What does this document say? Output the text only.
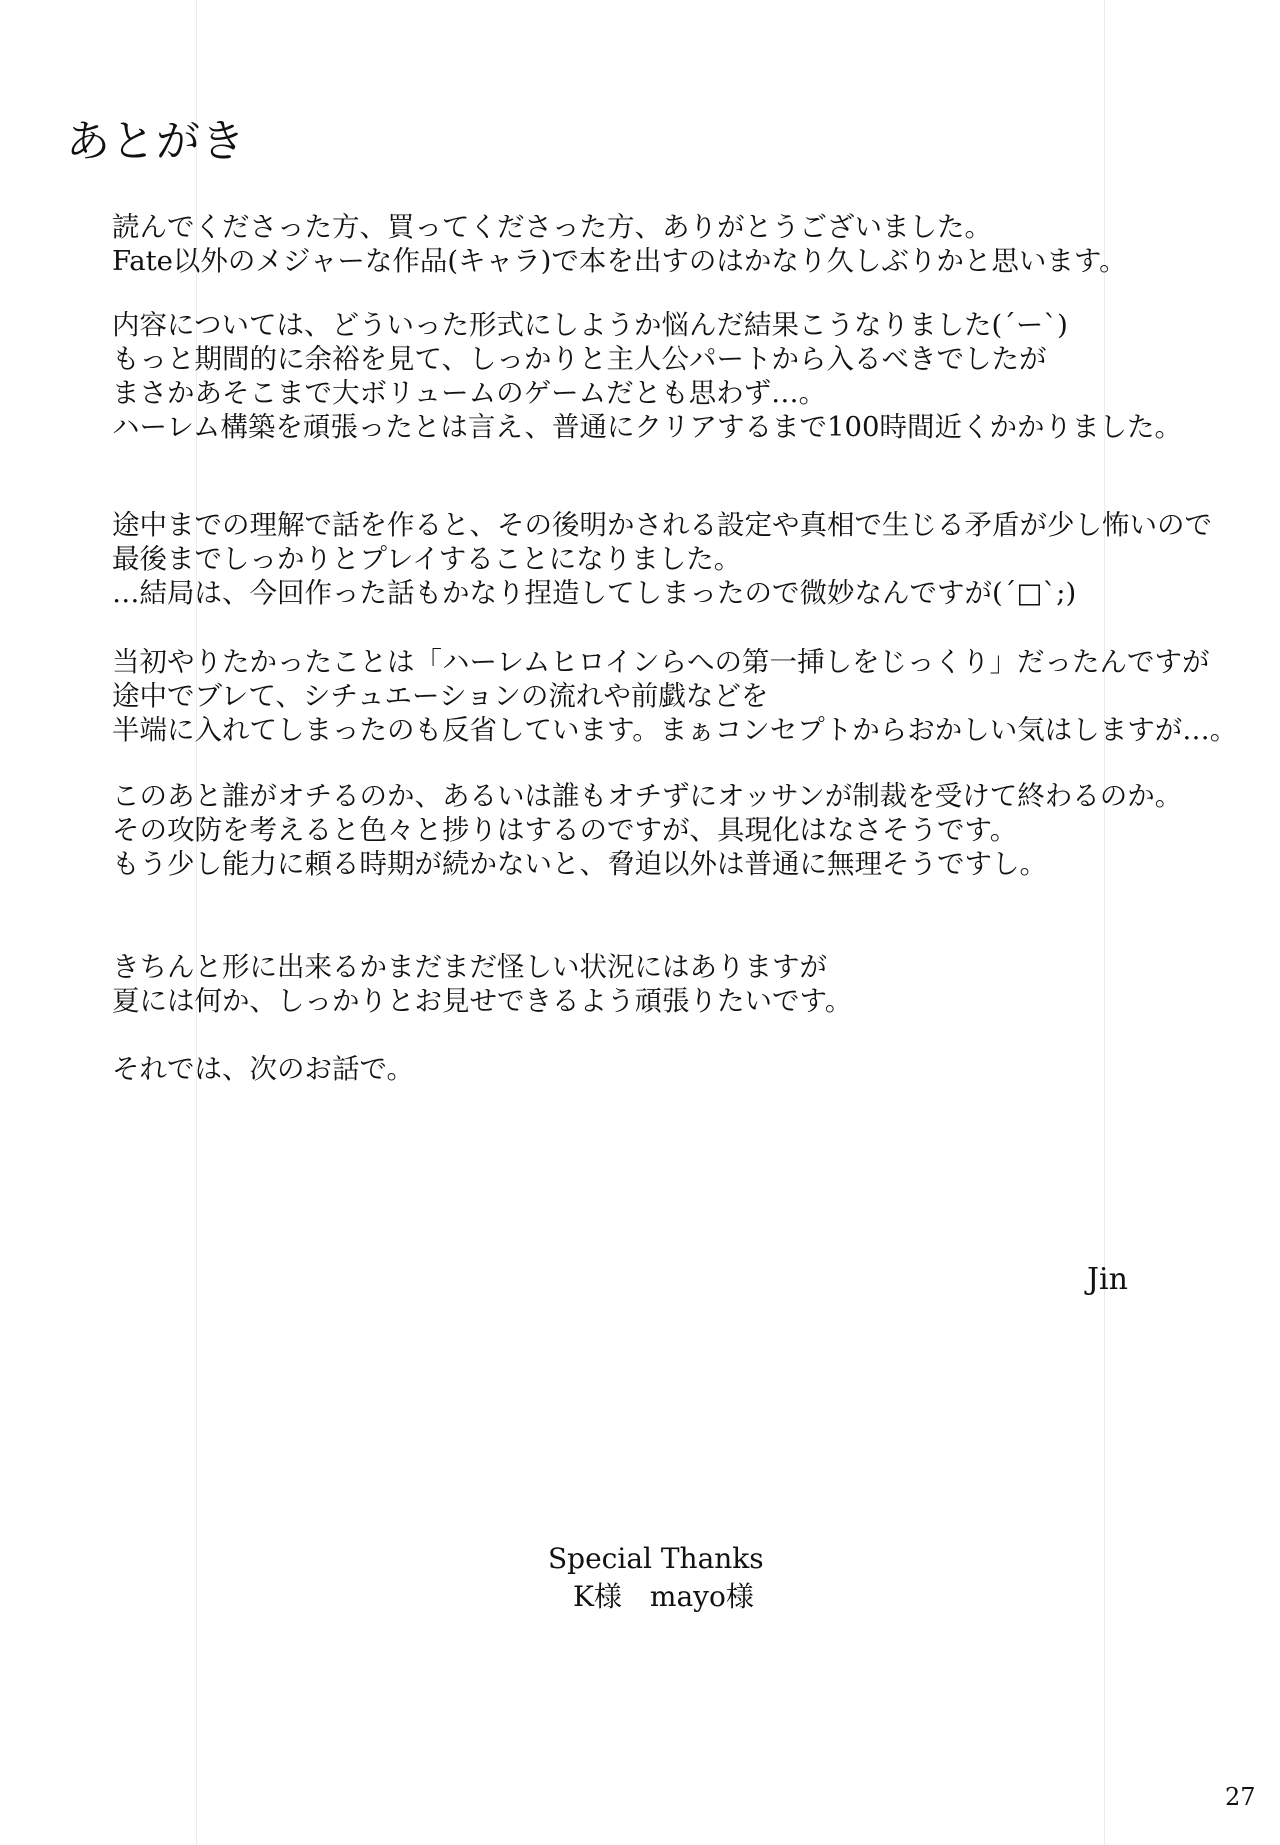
あとがき
読んでくださった方、買ってくださった方、ありがとうございました。
Fate以外のメジャーな作品(キャラ)で本を出すのはかなり久しぶりかと思います。
内容については、どういった形式にしようか悩んだ結果こうなりました(´ー`)
もっと期間的に余裕を見て、しっかりと主人公パートから入るべきでしたが
まさかあそこまで大ボリュームのゲームだとも思わず…。
ハーレム構築を頑張ったとは言え、普通にクリアするまで100時間近くかかりました。
途中までの理解で話を作ると、その後明かされる設定や真相で生じる矛盾が少し怖いので
最後までしっかりとプレイすることになりました。
…結局は、今回作った話もかなり捏造してしまったので微妙なんですが(´□`;)
当初やりたかったことは「ハーレムヒロインらへの第一挿しをじっくり」だったんですが
途中でブレて、シチュエーションの流れや前戯などを
半端に入れてしまったのも反省しています。まぁコンセプトからおかしい気はしますが…。
このあと誰がオチるのか、あるいは誰もオチずにオッサンが制裁を受けて終わるのか。
その攻防を考えると色々と捗りはするのですが、具現化はなさそうです。
もう少し能力に頼る時期が続かないと、脅迫以外は普通に無理そうですし。
きちんと形に出来るかまだまだ怪しい状況にはありますが
夏には何か、しっかりとお見せできるよう頑張りたいです。
それでは、次のお話で。
Jin
Special Thanks
K様　mayo様
27
